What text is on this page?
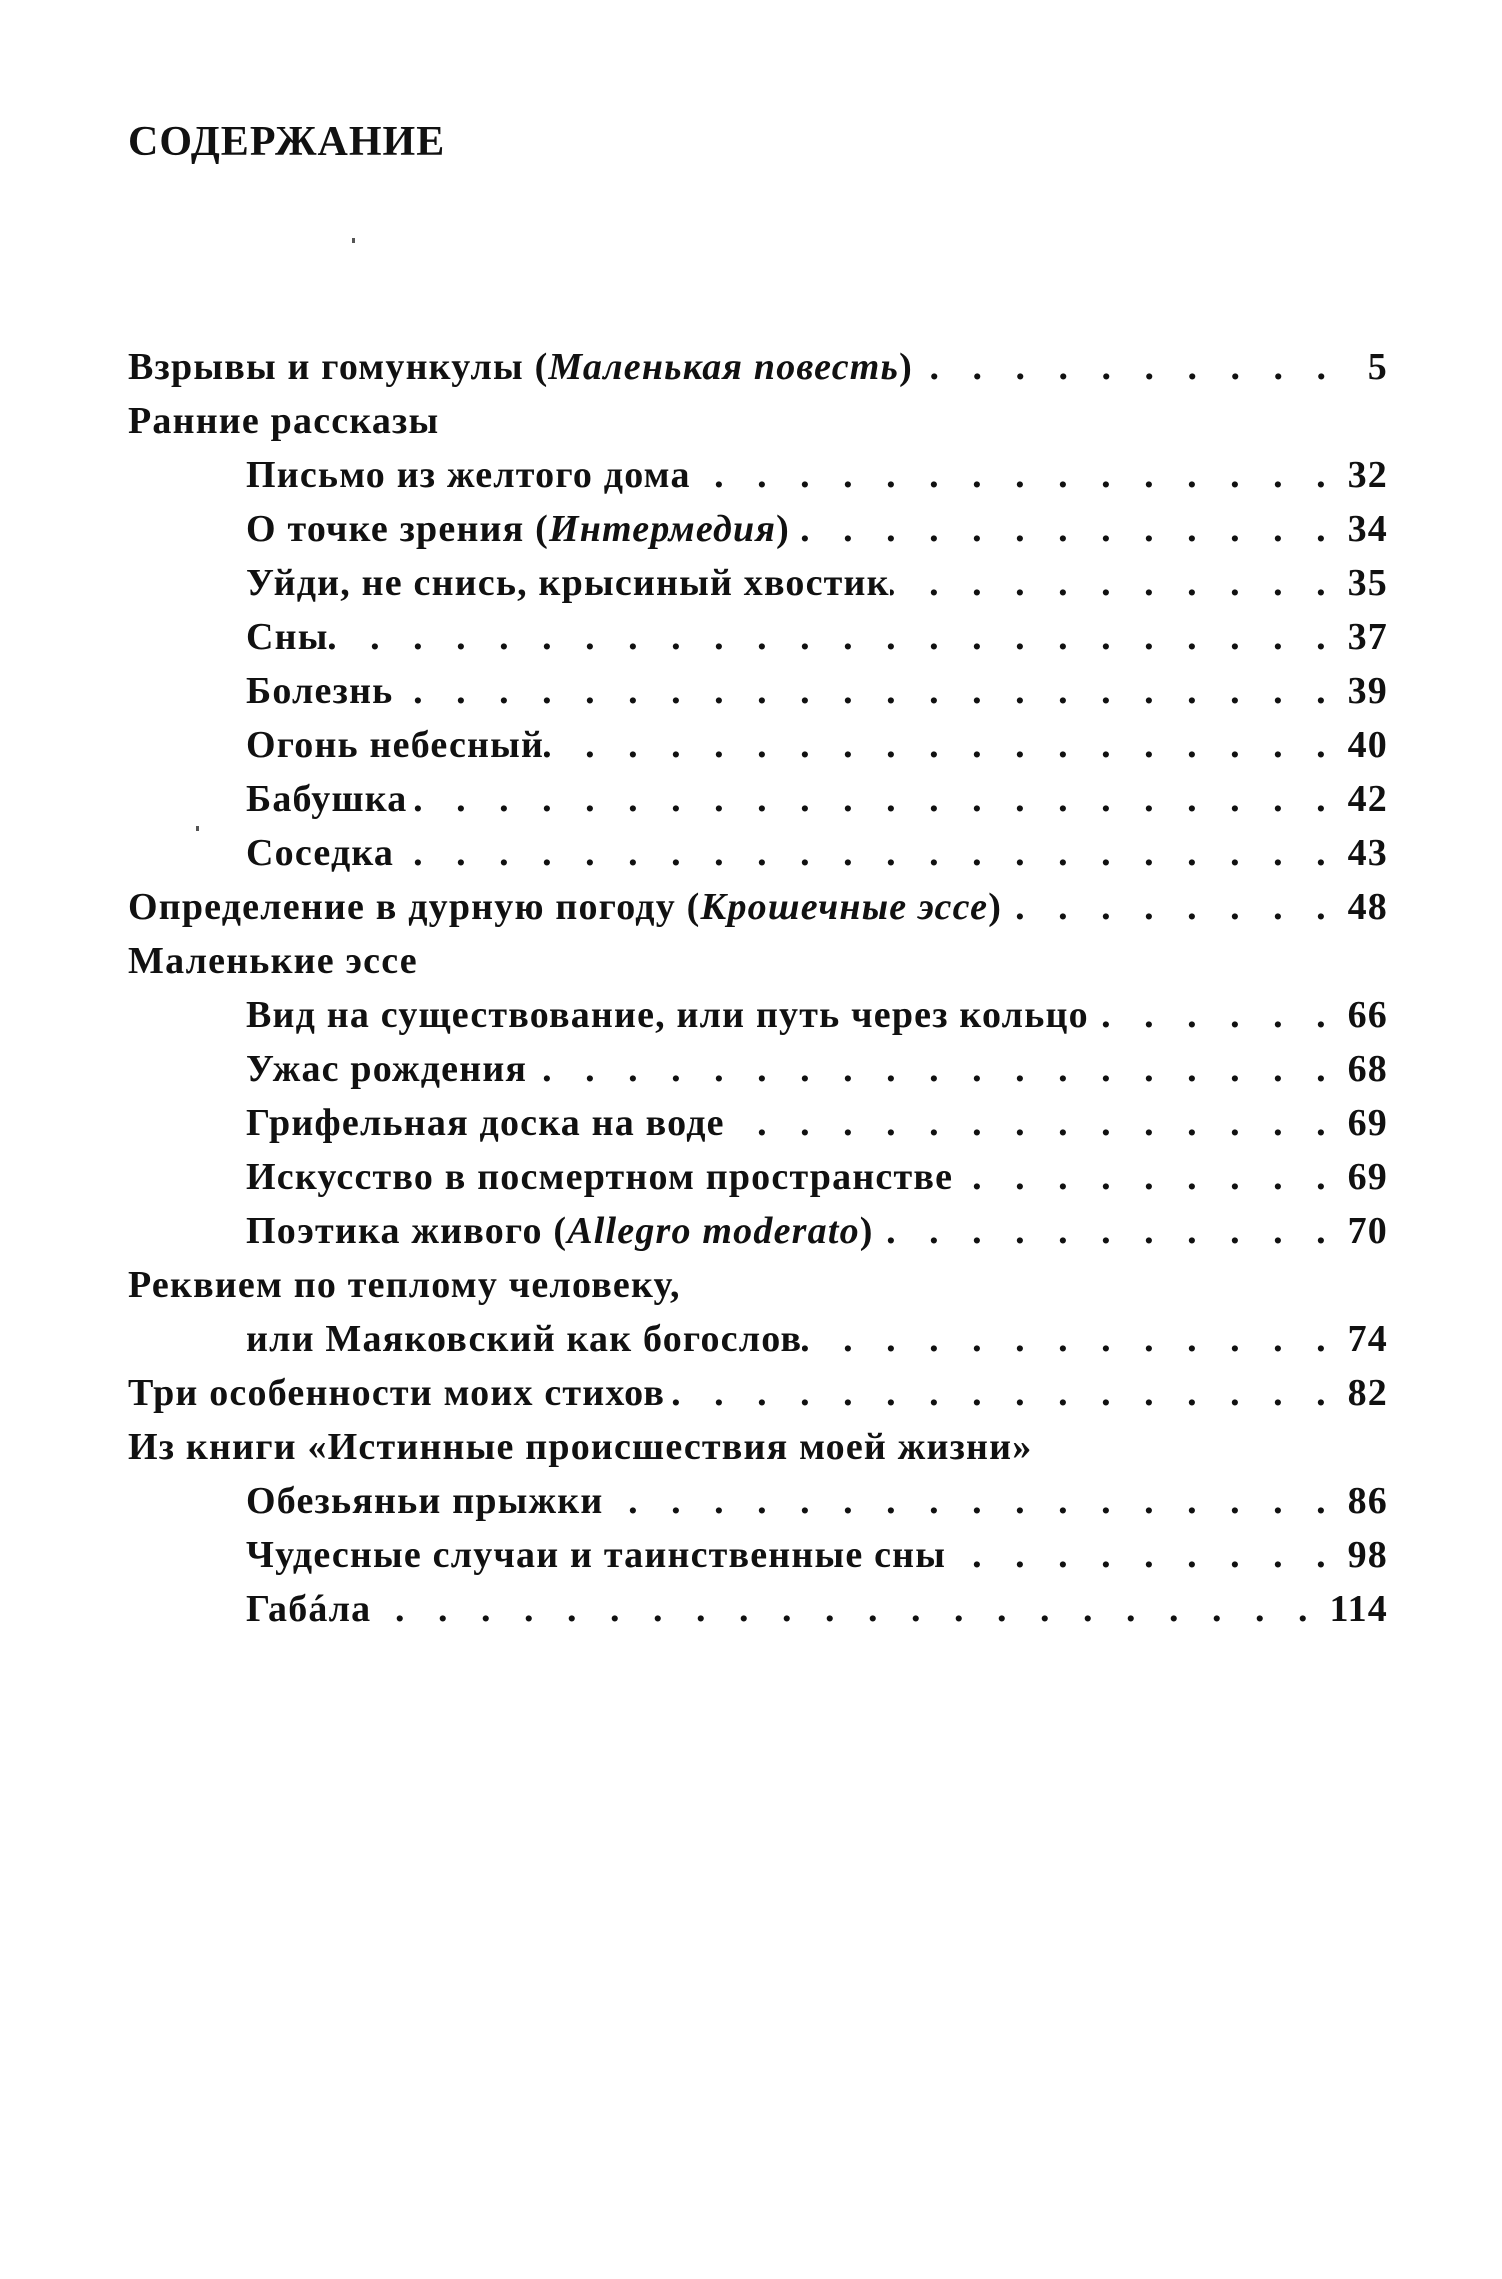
СОДЕРЖАНИЕ
Взрывы и гомункулы (Маленькая повесть) . . .	5
Ранние рассказы
Письмо из желтого дома . . .	32
О точке зрения (Интермедия) . . .	34
Уйди, не снись, крысиный хвостик . . .	35
Сны . . .	37
Болезнь . . .	39
Огонь небесный . . .	40
Бабушка . . .	42
Соседка . . .	43
Определение в дурную погоду (Крошечные эссе) . . .	48
Маленькие эссе
Вид на существование, или путь через кольцо . . .	66
Ужас рождения . . .	68
Грифельная доска на воде . . .	69
Искусство в посмертном пространстве . . .	69
Поэтика живого (Allegro moderato) . . .	70
Реквием по теплому человеку,
или Маяковский как богослов . . .	74
Три особенности моих стихов . . .	82
Из книги «Истинные происшествия моей жизни»
Обезьяньи прыжки . . .	86
Чудесные случаи и таинственные сны . . .	98
Габáла . . .	114
